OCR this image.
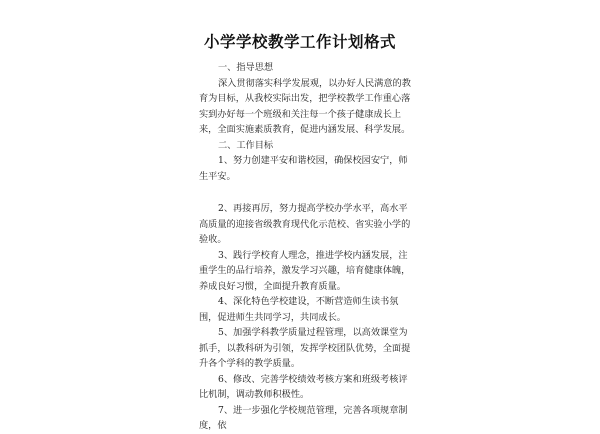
小学学校教学工作计划格式

一、指导思想

深入贯彻落实科学发展观，以办好人民满意的教育为目标，从我校实际出发，把学校教学工作重心落实到办好每一个班级和关注每一个孩子健康成长上来，全面实施素质教育，促进内涵发展、科学发展。

二、工作目标

1、努力创建平安和谐校园，确保校园安宁，师生平安。

2、再接再厉，努力提高学校办学水平，高水平高质量的迎接省级教育现代化示范校、省实验小学的验收。

3、践行学校育人理念，推进学校内涵发展，注重学生的品行培养，激发学习兴趣，培育健康体魄，养成良好习惯，全面提升教育质量。

4、深化特色学校建设，不断营造师生读书氛围，促进师生共同学习，共同成长。

5、加强学科教学质量过程管理，以高效课堂为抓手，以教科研为引领，发挥学校团队优势，全面提升各个学科的教学质量。

6、修改、完善学校绩效考核方案和班级考核评比机制，调动教师积极性。

7、进一步强化学校规范管理，完善各项规章制度，依
